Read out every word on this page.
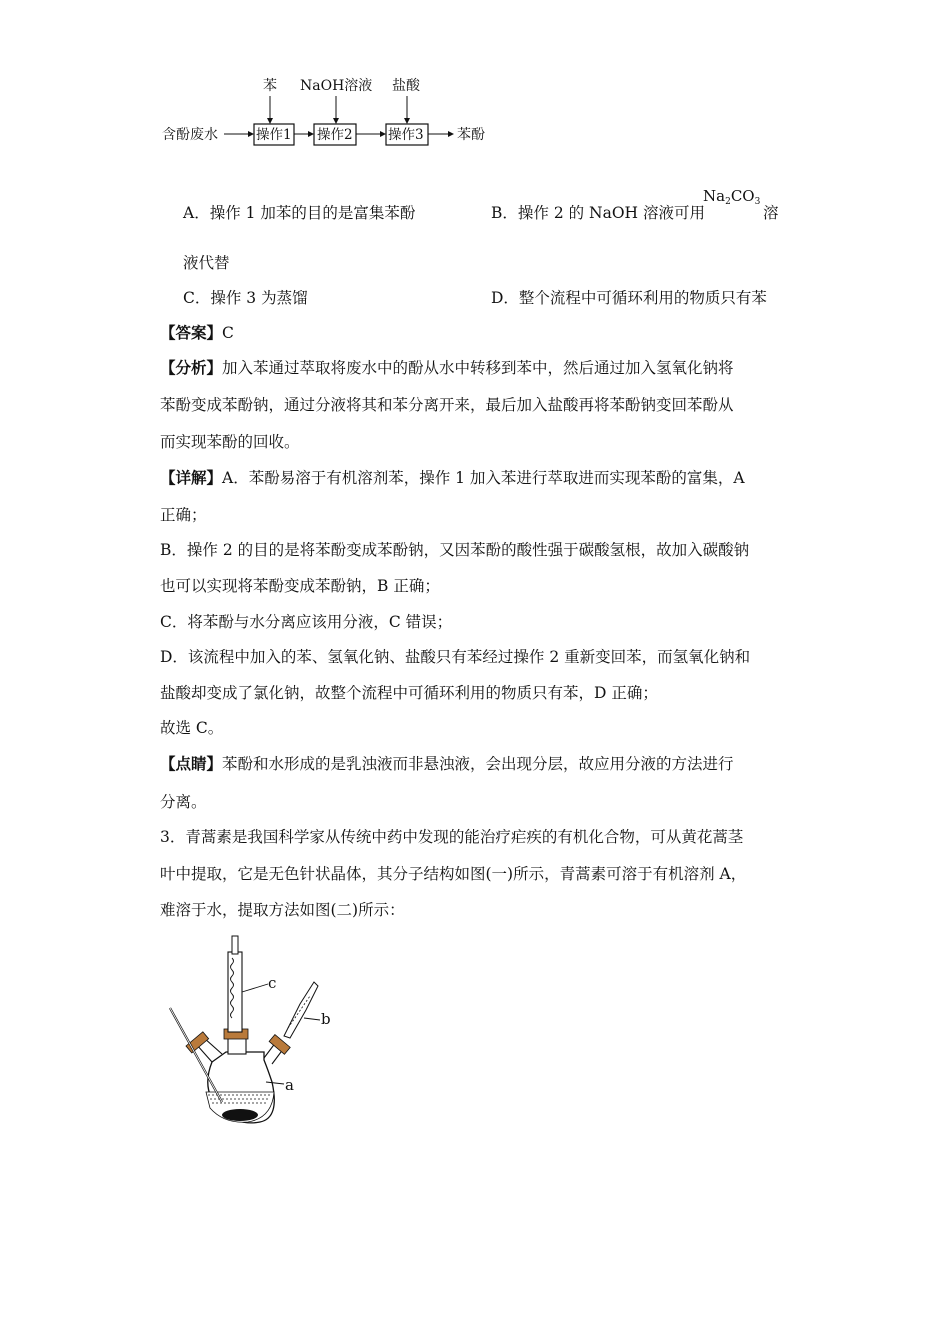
含酚废水	操作1 操作2	操作3 苯酚
苯 NaOH溶液 盐酸
A．操作 1 加苯的目的是富集苯酚	B．操作 2 的 NaOH 溶液可用
$Na_2CO_3$
溶
液代替
C．操作 3 为蒸馏	D．整个流程中可循环利用的物质只有苯
【答案】C
【分析】加入苯通过萃取将废水中的酚从水中转移到苯中，然后通过加入氢氧化钠将
苯酚变成苯酚钠，通过分液将其和苯分离开来，最后加入盐酸再将苯酚钠变回苯酚从
而实现苯酚的回收。
【详解】A．苯酚易溶于有机溶剂苯，操作 1 加入苯进行萃取进而实现苯酚的富集，A
正确；
B．操作 2 的目的是将苯酚变成苯酚钠，又因苯酚的酸性强于碳酸氢根，故加入碳酸钠
也可以实现将苯酚变成苯酚钠，B 正确；
C．将苯酚与水分离应该用分液，C 错误；
D．该流程中加入的苯、氢氧化钠、盐酸只有苯经过操作 2 重新变回苯，而氢氧化钠和
盐酸却变成了氯化钠，故整个流程中可循环利用的物质只有苯，D 正确；
故选 C。
【点睛】苯酚和水形成的是乳浊液而非悬浊液，会出现分层，故应用分液的方法进行
分离。
3．青蒿素是我国科学家从传统中药中发现的能治疗疟疾的有机化合物，可从黄花蒿茎
叶中提取，它是无色针状晶体，其分子结构如图(一)所示，青蒿素可溶于有机溶剂 A，
难溶于水，提取方法如图(二)所示：
c
b
a
